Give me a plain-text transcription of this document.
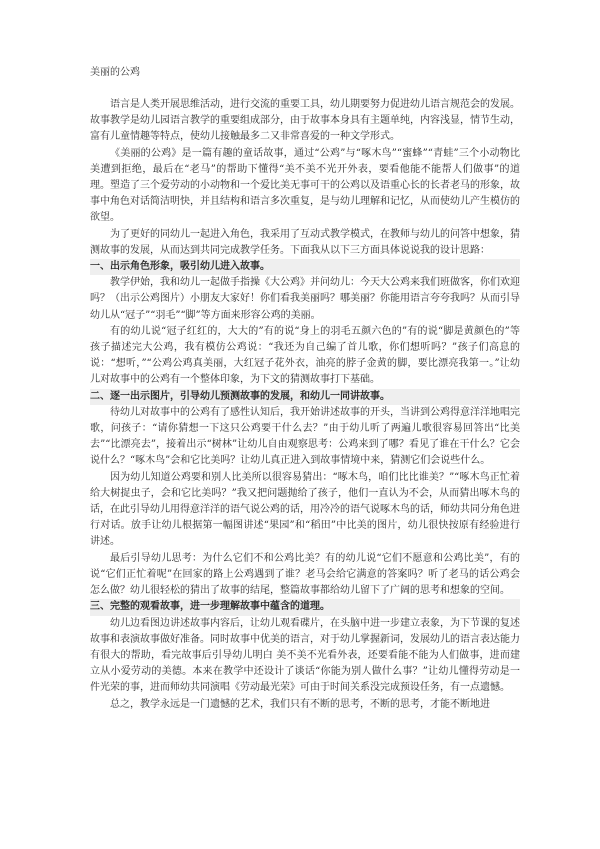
美丽的公鸡

语言是人类开展思维活动，进行交流的重要工具，幼儿期要努力促进幼儿语言规范会的发展。故事教学是幼儿园语言教学的重要组成部分，由于故事本身具有主题单纯，内容浅显，情节生动，富有儿童情趣等特点，使幼儿接触最多二又非常喜爱的一种文学形式。

《美丽的公鸡》是一篇有趣的童话故事，通过“公鸡”与“啄木鸟”“蜜蜂”“青蛙”三个小动物比美遭到拒绝，最后在“老马”的帮助下懂得“美不美不光开外表，要看他能不能帮人们做事”的道理。塑造了三个爱劳动的小动物和一个爱比美无事可干的公鸡以及语重心长的长者老马的形象，故事中角色对话简洁明快，并且结构和语言多次重复，是与幼儿理解和记忆，从而使幼儿产生模仿的欲望。

为了更好的同幼儿一起进入角色，我采用了互动式教学模式，在教师与幼儿的问答中想象，猜测故事的发展，从而达到共同完成教学任务。下面我从以下三方面具体说说我的设计思路：

一、出示角色形象，吸引幼儿进入故事。

教学伊始，我和幼儿一起做手指操《大公鸡》并问幼儿：今天大公鸡来我们班做客，你们欢迎吗？（出示公鸡图片）小朋友大家好！你们看我美丽吗？哪美丽？你能用语言夸夸我吗？从而引导幼儿从“冠子”“羽毛”“脚”等方面来形容公鸡的美丽。

有的幼儿说“冠子红红的，大大的”有的说“身上的羽毛五颜六色的”有的说“脚是黄颜色的”等孩子描述完大公鸡，我有模仿公鸡说：“我还为自己编了首儿歌，你们想听吗？”孩子们高息的说：“想听，”“公鸡公鸡真美丽，大红冠子花外衣，油亮的脖子金黄的脚，要比漂亮我第一。”让幼儿对故事中的公鸡有一个整体印象，为下文的猜测故事打下基础。

二、逐一出示图片，引导幼儿预测故事的发展，和幼儿一同讲故事。

待幼儿对故事中的公鸡有了感性认知后，我开始讲述故事的开头，当讲到公鸡得意洋洋地唱完歌，问孩子：“请你猜想一下这只公鸡要干什么去？”由于幼儿听了两遍儿歌很容易回答出“比美去”“比漂亮去”，接着出示“树林”让幼儿自由观察思考：公鸡来到了哪？看见了谁在干什么？它会说什么？“啄木鸟”会和它比美吗？让幼儿真正进入到故事情境中来，猜测它们会说些什么。

因为幼儿知道公鸡要和别人比美所以很容易猜出：“啄木鸟，咱们比比谁美？”“啄木鸟正忙着给大树捉虫子，会和它比美吗？”我又把问题抛给了孩子，他们一直认为不会，从而猜出啄木鸟的话，在此引导幼儿用得意洋洋的语气说公鸡的话，用冷冷的语气说啄木鸟的话，师幼共同分角色进行对话。放手让幼儿根据第一幅图讲述“果园”和“稻田”中比美的图片，幼儿很快按原有经验进行讲述。

最后引导幼儿思考：为什么它们不和公鸡比美？有的幼儿说“它们不愿意和公鸡比美”，有的说“它们正忙着呢”在回家的路上公鸡遇到了谁？老马会给它满意的答案吗？听了老马的话公鸡会怎么做？幼儿很轻松的猜出了故事的结尾，整篇故事都给幼儿留下了广阔的思考和想象的空间。

三、完整的观看故事，进一步理解故事中蕴含的道理。

幼儿边看图边讲述故事内容后，让幼儿观看碟片，在头脑中进一步建立表象，为下节课的复述故事和表演故事做好准备。同时故事中优美的语言，对于幼儿掌握新词，发展幼儿的语言表达能力有很大的帮助，看完故事后引导幼儿明白 美不美不光看外表，还要看能不能为人们做事，进而建立从小爱劳动的美德。本来在教学中还设计了谈话“你能为别人做什么事？”让幼儿懂得劳动是一件光荣的事，进而师幼共同演唱《劳动最光荣》可由于时间关系没完成预设任务，有一点遗憾。

总之，教学永远是一门遗憾的艺术，我们只有不断的思考，不断的思考，才能不断地进
